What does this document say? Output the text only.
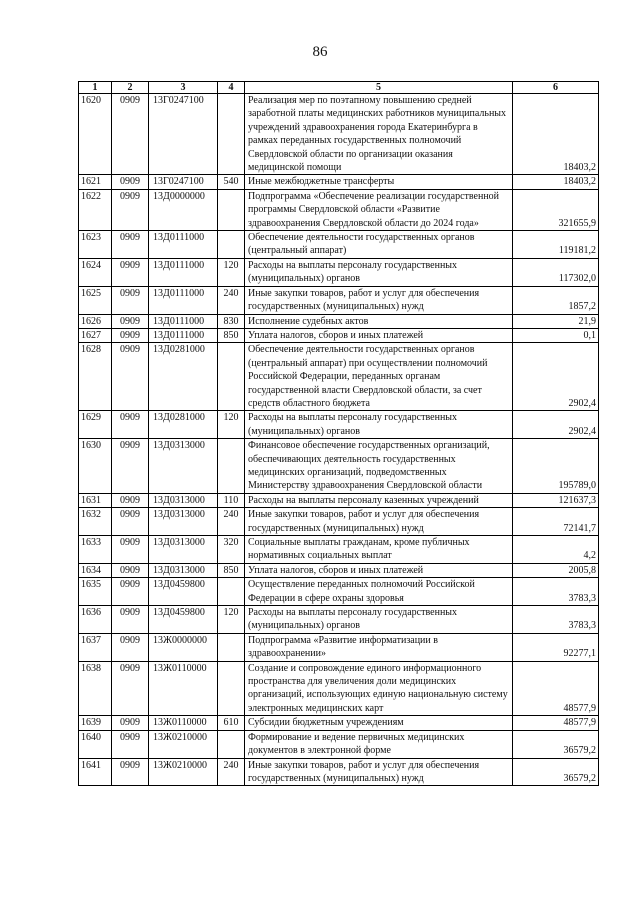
86
1	2	3	4	5	6
1620	0909	13Г0247100		Реализация мер по поэтапному повышению средней заработной платы медицинских работников муниципальных учреждений здравоохранения города Екатеринбурга в рамках переданных государственных полномочий Свердловской области по организации оказания медицинской помощи	18403,2
1621	0909	13Г0247100	540	Иные межбюджетные трансферты	18403,2
1622	0909	13Д0000000		Подпрограмма «Обеспечение реализации государственной программы Свердловской области «Развитие здравоохранения Свердловской области до 2024 года»	321655,9
1623	0909	13Д0111000		Обеспечение деятельности государственных органов (центральный аппарат)	119181,2
1624	0909	13Д0111000	120	Расходы на выплаты персоналу государственных (муниципальных) органов	117302,0
1625	0909	13Д0111000	240	Иные закупки товаров, работ и услуг для обеспечения государственных (муниципальных) нужд	1857,2
1626	0909	13Д0111000	830	Исполнение судебных актов	21,9
1627	0909	13Д0111000	850	Уплата налогов, сборов и иных платежей	0,1
1628	0909	13Д0281000		Обеспечение деятельности государственных органов (центральный аппарат) при осуществлении полномочий Российской Федерации, переданных органам государственной власти Свердловской области, за счет средств областного бюджета	2902,4
1629	0909	13Д0281000	120	Расходы на выплаты персоналу государственных (муниципальных) органов	2902,4
1630	0909	13Д0313000		Финансовое обеспечение государственных организаций, обеспечивающих деятельность государственных медицинских организаций, подведомственных Министерству здравоохранения Свердловской области	195789,0
1631	0909	13Д0313000	110	Расходы на выплаты персоналу казенных учреждений	121637,3
1632	0909	13Д0313000	240	Иные закупки товаров, работ и услуг для обеспечения государственных (муниципальных) нужд	72141,7
1633	0909	13Д0313000	320	Социальные выплаты гражданам, кроме публичных нормативных социальных выплат	4,2
1634	0909	13Д0313000	850	Уплата налогов, сборов и иных платежей	2005,8
1635	0909	13Д0459800		Осуществление переданных полномочий Российской Федерации в сфере охраны здоровья	3783,3
1636	0909	13Д0459800	120	Расходы на выплаты персоналу государственных (муниципальных) органов	3783,3
1637	0909	13Ж0000000		Подпрограмма «Развитие информатизации в здравоохранении»	92277,1
1638	0909	13Ж0110000		Создание и сопровождение единого информационного пространства для увеличения доли медицинских организаций, использующих единую национальную систему электронных медицинских карт	48577,9
1639	0909	13Ж0110000	610	Субсидии бюджетным учреждениям	48577,9
1640	0909	13Ж0210000		Формирование и ведение первичных медицинских документов в электронной форме	36579,2
1641	0909	13Ж0210000	240	Иные закупки товаров, работ и услуг для обеспечения государственных (муниципальных) нужд	36579,2
